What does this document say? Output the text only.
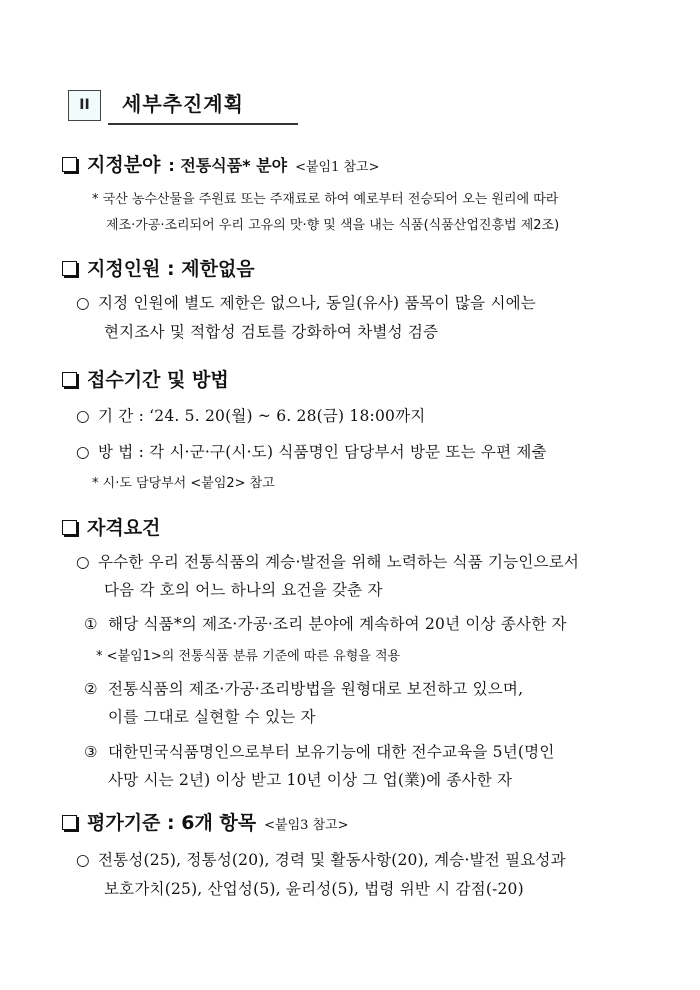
II	세부추진계획
지정분야 : 전통식품* 분야 <붙임1 참고>
* 국산 농수산물을 주원료 또는 주재료로 하여 예로부터 전승되어 오는 원리에 따라
제조·가공·조리되어 우리 고유의 맛·향 및 색을 내는 식품(식품산업진흥법 제2조)
지정인원 : 제한없음
○ 지정 인원에 별도 제한은 없으나, 동일(유사) 품목이 많을 시에는
현지조사 및 적합성 검토를 강화하여 차별성 검증
접수기간 및 방법
○ 기 간 : ‘24. 5. 20(월) ~ 6. 28(금) 18:00까지
○ 방 법 : 각 시·군·구(시·도) 식품명인 담당부서 방문 또는 우편 제출
* 시·도 담당부서 <붙임2> 참고
자격요건
○ 우수한 우리 전통식품의 계승·발전을 위해 노력하는 식품 기능인으로서
다음 각 호의 어느 하나의 요건을 갖춘 자
① 해당 식품*의 제조·가공·조리 분야에 계속하여 20년 이상 종사한 자
* <붙임1>의 전통식품 분류 기준에 따른 유형을 적용
② 전통식품의 제조·가공·조리방법을 원형대로 보전하고 있으며,
이를 그대로 실현할 수 있는 자
③ 대한민국식품명인으로부터 보유기능에 대한 전수교육을 5년(명인
사망 시는 2년) 이상 받고 10년 이상 그 업(業)에 종사한 자
평가기준 : 6개 항목 <붙임3 참고>
○ 전통성(25), 정통성(20), 경력 및 활동사항(20), 계승·발전 필요성과
보호가치(25), 산업성(5), 윤리성(5), 법령 위반 시 감점(-20)
